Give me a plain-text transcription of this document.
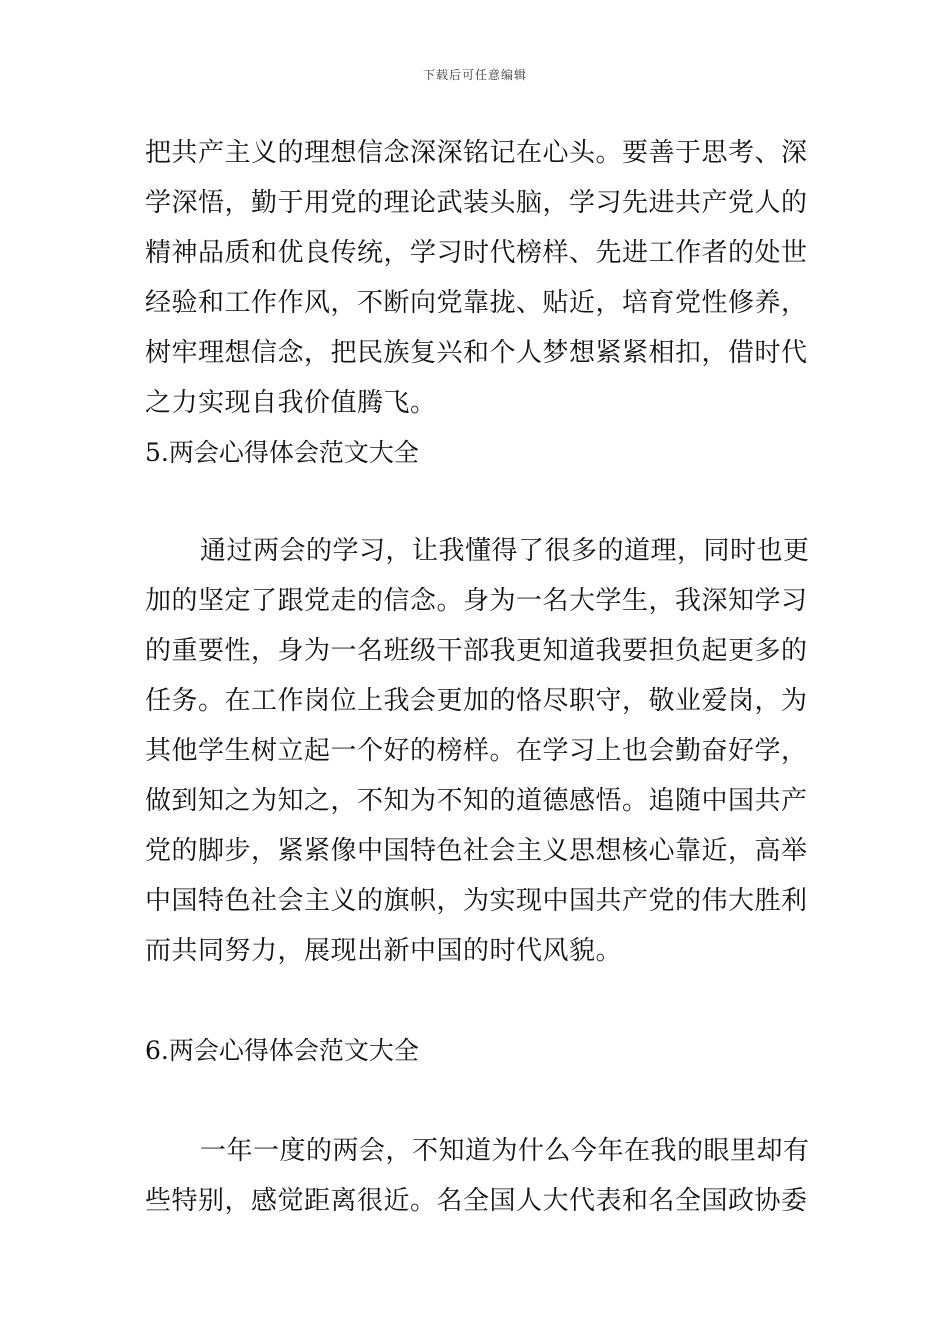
下载后可任意编辑
把共产主义的理想信念深深铭记在心头。要善于思考、深
学深悟，勤于用党的理论武装头脑，学习先进共产党人的
精神品质和优良传统，学习时代榜样、先进工作者的处世
经验和工作作风，不断向党靠拢、贴近，培育党性修养，
树牢理想信念，把民族复兴和个人梦想紧紧相扣，借时代
之力实现自我价值腾飞。
5.两会心得体会范文大全
通过两会的学习，让我懂得了很多的道理，同时也更
加的坚定了跟党走的信念。身为一名大学生，我深知学习
的重要性，身为一名班级干部我更知道我要担负起更多的
任务。在工作岗位上我会更加的恪尽职守，敬业爱岗，为
其他学生树立起一个好的榜样。在学习上也会勤奋好学，
做到知之为知之，不知为不知的道德感悟。追随中国共产
党的脚步，紧紧像中国特色社会主义思想核心靠近，高举
中国特色社会主义的旗帜，为实现中国共产党的伟大胜利
而共同努力，展现出新中国的时代风貌。
6.两会心得体会范文大全
一年一度的两会，不知道为什么今年在我的眼里却有
些特别，感觉距离很近。名全国人大代表和名全国政协委
